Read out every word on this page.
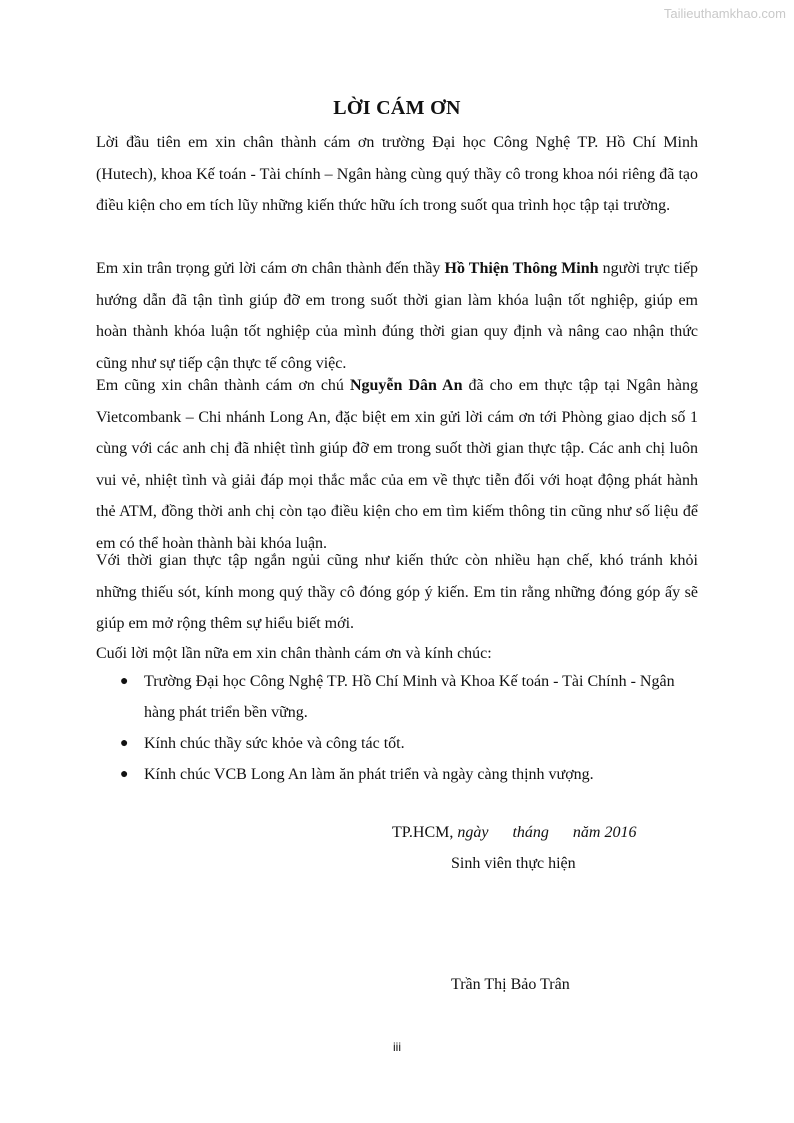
Tailieuthamkhao.com
LỜI CÁM ƠN

Lời đầu tiên em xin chân thành cám ơn trường Đại học Công Nghệ TP. Hồ Chí Minh (Hutech), khoa Kế toán - Tài chính – Ngân hàng cùng quý thầy cô trong khoa nói riêng đã tạo điều kiện cho em tích lũy những kiến thức hữu ích trong suốt qua trình học tập tại trường.

Em xin trân trọng gửi lời cám ơn chân thành đến thầy Hồ Thiện Thông Minh người trực tiếp hướng dẫn đã tận tình giúp đỡ em trong suốt thời gian làm khóa luận tốt nghiệp, giúp em hoàn thành khóa luận tốt nghiệp của mình đúng thời gian quy định và nâng cao nhận thức cũng như sự tiếp cận thực tế công việc.

Em cũng xin chân thành cám ơn chú Nguyễn Dân An đã cho em thực tập tại Ngân hàng Vietcombank – Chi nhánh Long An, đặc biệt em xin gửi lời cám ơn tới Phòng giao dịch số 1 cùng với các anh chị đã nhiệt tình giúp đỡ em trong suốt thời gian thực tập. Các anh chị luôn vui vẻ, nhiệt tình và giải đáp mọi thắc mắc của em về thực tiễn đối với hoạt động phát hành thẻ ATM, đồng thời anh chị còn tạo điều kiện cho em tìm kiếm thông tin cũng như số liệu để em có thể hoàn thành bài khóa luận.

Với thời gian thực tập ngắn ngủi cũng như kiến thức còn nhiều hạn chế, khó tránh khỏi những thiếu sót, kính mong quý thầy cô đóng góp ý kiến. Em tin rằng những đóng góp ấy sẽ giúp em mở rộng thêm sự hiểu biết mới.

Cuối lời một lần nữa em xin chân thành cám ơn và kính chúc:

● Trường Đại học Công Nghệ TP. Hồ Chí Minh và Khoa Kế toán - Tài Chính - Ngân hàng phát triển bền vững.
● Kính chúc thầy sức khỏe và công tác tốt.
● Kính chúc VCB Long An làm ăn phát triển và ngày càng thịnh vượng.
TP.HCM, ngày tháng năm 2016
Sinh viên thực hiện
Trần Thị Bảo Trân
iii
